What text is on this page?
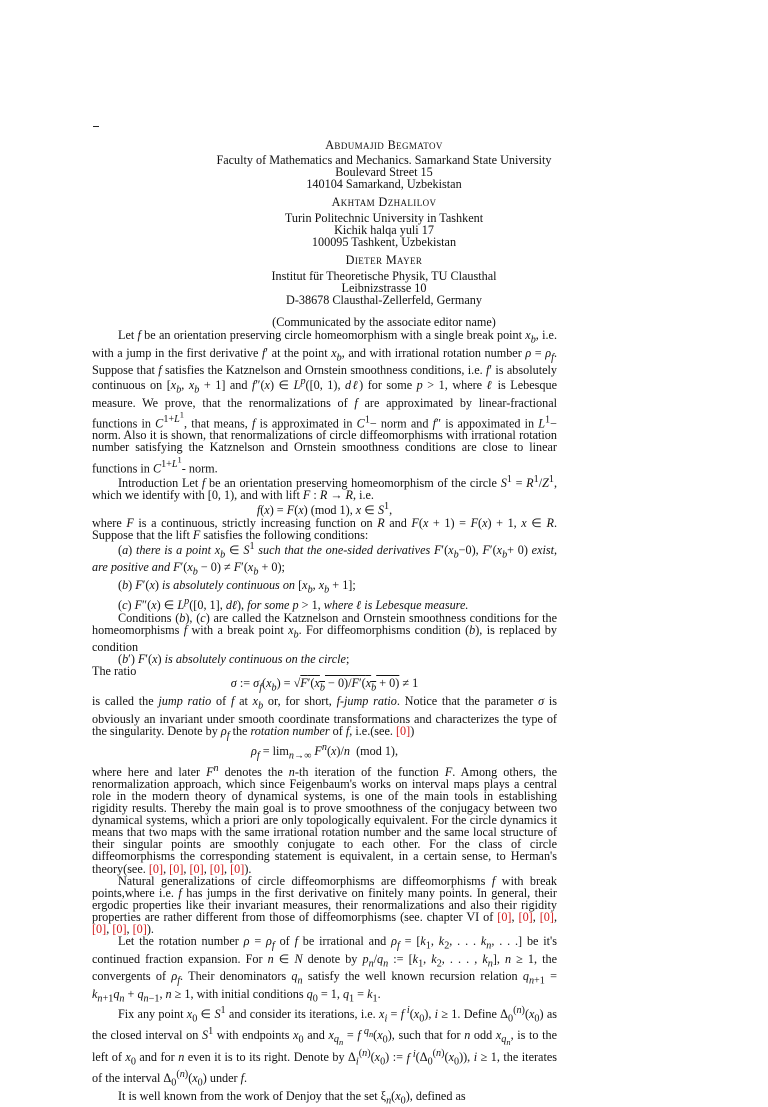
Abdumajid Begmatov
Faculty of Mathematics and Mechanics. Samarkand State University
Boulevard Street 15
140104 Samarkand, Uzbekistan
Akhtam Dzhalilov
Turin Politechnic University in Tashkent
Kichik halqa yuli 17
100095 Tashkent, Uzbekistan
Dieter Mayer
Institut für Theoretische Physik, TU Clausthal
Leibnizstrasse 10
D-38678 Clausthal-Zellerfeld, Germany
(Communicated by the associate editor name)

Let f be an orientation preserving circle homeomorphism with a single break point $x_b$, i.e. with a jump in the first derivative f′ at the point $x_b$, and with irrational rotation number $\rho = \rho_f$. Suppose that f satisfies the Katznelson and Ornstein smoothness conditions, i.e. f′ is absolutely continuous on [$x_b$, $x_b + 1$] and f″(x) ∈ $L^p([0$, 1), dℓ) for some p > 1, where ℓ is Lebesque measure. We prove, that the renormalizations of f are approximated by linear-fractional functions in $C^{1+L^1}$, that means, f is approximated in $C^1-$ norm and f″ is appoximated in $L^1-$ norm. Also it is shown, that renormalizations of circle diffeomorphisms with irrational rotation number satisfying the Katznelson and Ornstein smoothness conditions are close to linear functions in $C^{1+L^1}-$ norm.

Introduction Let f be an orientation preserving homeomorphism of the circle $S^1 = R^1/Z^1$, which we identify with [0, 1), and with lift F : R → R, i.e.

f(x) = F(x) (mod 1), x ∈ $S^1$,

where F is a continuous, strictly increasing function on R and F(x + 1) = F(x) + 1, x ∈ R. Suppose that the lift F satisfies the following conditions:

(a) there is a point $x_b$ ∈ $S^1$ such that the one-sided derivatives $F'(x_b-0)$, $F'(x_b+ 0)$ exist, are positive and $F'(x_b - 0) \ne F'(x_b + 0)$;

(b) F′(x) is absolutely continuous on [$x_b$, $x_b + 1$];

(c) F″(x) ∈ $L^p([0$, 1], dℓ), for some p > 1, where ℓ is Lebesque measure.

Conditions (b), (c) are called the Katznelson and Ornstein smoothness conditions for the homeomorphisms f with a break point $x_b$. For diffeomorphisms condition (b), is replaced by condition

(b′) F′(x) is absolutely continuous on the circle;

The ratio

σ := $\sigma_f(x_b) = √F'(x_b - 0)/F'(x_b + 0) \ne 1$

is called the jump ratio of f at $x_b$ or, for short, f-jump ratio. Notice that the parameter σ is obviously an invariant under smooth coordinate transformations and characterizes the type of the singularity. Denote by $\rho_f$ the rotation number of f, i.e.(see. [0])

$\rho_f = \lim_{n\to\infty} F^n(x)/n$  (mod 1),

where here and later $F^n$ denotes the n-th iteration of the function F. Among others, the renormalization approach, which since Feigenbaum's works on interval maps plays a central role in the modern theory of dynamical systems, is one of the main tools in establishing rigidity results. Thereby the main goal is to prove smoothness of the conjugacy between two dynamical systems, which a priori are only topologically equivalent. For the circle dynamics it means that two maps with the same irrational rotation number and the same local structure of their singular points are smoothly conjugate to each other. For the class of circle diffeomorphisms the corresponding statement is equivalent, in a certain sense, to Herman's theory(see. [0], [0], [0], [0], [0]).

Natural generalizations of circle diffeomorphisms are diffeomorphisms f with break points,where i.e. f has jumps in the first derivative on finitely many points. In general, their ergodic properties like their invariant measures, their renormalizations and also their rigidity properties are rather different from those of diffeomorphisms (see. chapter VI of [0], [0], [0], [0], [0], [0]).

Let the rotation number $\rho = \rho_f$ of f be irrational and $\rho_f = [k_1$, $k_2$, . . . $k_n$, . . .] be it's continued fraction expansion. For n ∈ N denote by $p_n/q_n$ := [$k_1$, $k_2$, . . . , $k_n$], n ≥ 1, the convergents of $\rho_f$. Their denominators $q_n$ satisfy the well known recursion relation $q_{n+1} = k_{n+1}q_n + q_{n-1}$, n ≥ 1, with initial conditions $q_0 = 1$, $q_1 = k_1$.

Fix any point $x_0$ ∈ $S^1$ and consider its iterations, i.e. $x_i = f$ $^i(x_0)$, i ≥ 1. Define $\Delta_0^{(n)}(x_0)$ as the closed interval on $S^1$ with endpoints $x_0$ and $x_{q_n} = f$ $^{q_n}(x_0)$, such that for n odd $x_{q_n}$, is to the left of $x_0$ and for n even it is to its right. Denote by $\Delta_i^{(n)}(x_0)$ := f $^i(\Delta_0^{(n)}(x_0))$, i ≥ 1, the iterates of the interval $\Delta_0^{(n)}(x_0)$ under f.

It is well known from the work of Denjoy that the set $\xi_n(x_0)$, defined as
